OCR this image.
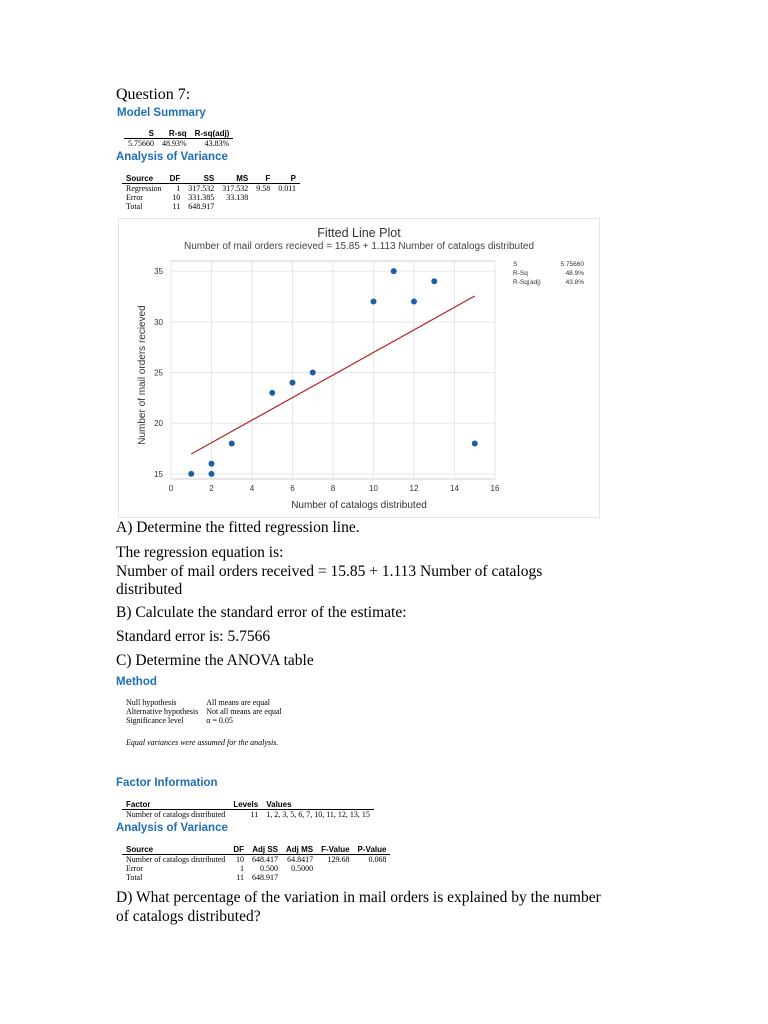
Question 7:
Model Summary
S	R-sq	R-sq(adj)
5.75660	48.93%	43.83%
Analysis of Variance
Source	DF	SS	MS	F	P
Regression	1	317.532	317.532	9.58	0.011
Error	10	331.385	33.138		
Total	11	648.917			
Fitted Line Plot
Number of mail orders recieved = 15.85 + 1.113 Number of catalogs distributed
0	2	4	6	8	10	12	14	16
15
20
25
30
35
Number of catalogs distributed
Number of mail orders recieved
S	5.75660
R-Sq	48.9%
R-Sq(adj)	43.8%
A) Determine the fitted regression line.
The regression equation is:
Number of mail orders received = 15.85 + 1.113 Number of catalogs
distributed
B) Calculate the standard error of the estimate:
Standard error is: 5.7566
C) Determine the ANOVA table
Method
Null hypothesis	All means are equal
Alternative hypothesis	Not all means are equal
Significance level	α = 0.05
Equal variances were assumed for the analysis.
Factor Information
Factor	Levels	Values
Number of catalogs distributed	11	1, 2, 3, 5, 6, 7, 10, 11, 12, 13, 15
Analysis of Variance
Source	DF	Adj SS	Adj MS	F-Value	P-Value
Number of catalogs distributed	10	648.417	64.8417	129.68	0.068
Error	1	0.500	0.5000		
Total	11	648.917			
D) What percentage of the variation in mail orders is explained by the number
of catalogs distributed?
